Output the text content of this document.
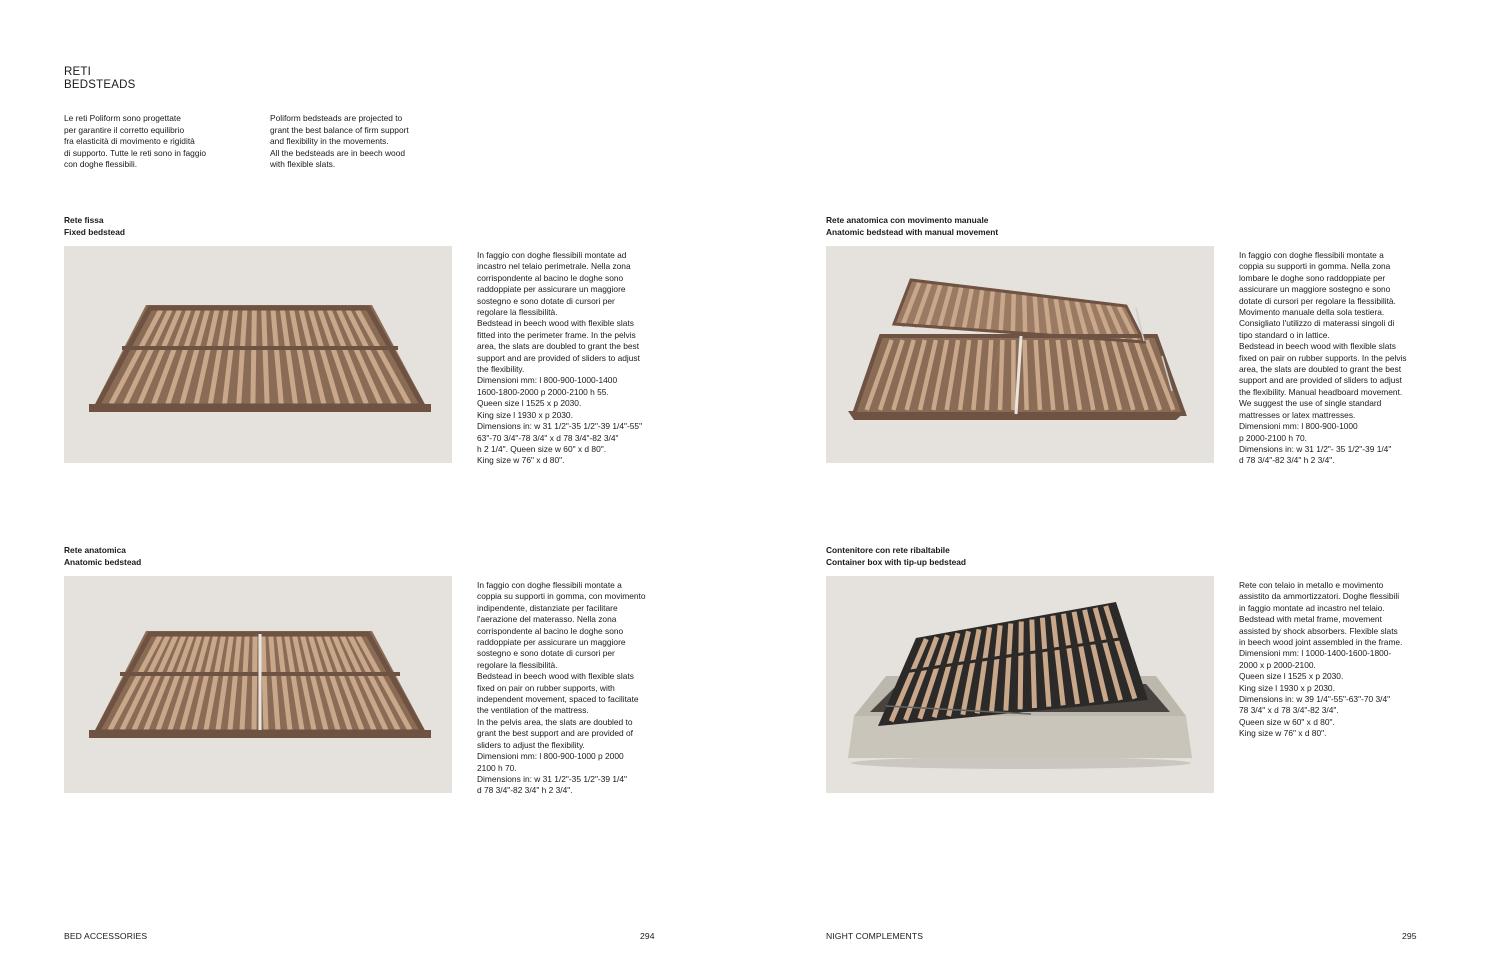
RETI
BEDSTEADS
Le reti Poliform sono progettate
per garantire il corretto equilibrio
fra elasticità di movimento e rigidità
di supporto. Tutte le reti sono in faggio
con doghe flessibili.
Poliform bedsteads are projected to
grant the best balance of firm support
and flexibility in the movements.
All the bedsteads are in beech wood
with flexible slats.
Rete fissa
Fixed bedstead
In faggio con doghe flessibili montate ad
incastro nel telaio perimetrale. Nella zona
corrispondente al bacino le doghe sono
raddoppiate per assicurare un maggiore
sostegno e sono dotate di cursori per
regolare la flessibilità.
Bedstead in beech wood with flexible slats
fitted into the perimeter frame. In the pelvis
area, the slats are doubled to grant the best
support and are provided of sliders to adjust
the flexibility.
Dimensioni mm: l 800-900-1000-1400
1600-1800-2000 p 2000-2100 h 55.
Queen size l 1525 x p 2030.
King size l 1930 x p 2030.
Dimensions in: w 31 1/2"-35 1/2"-39 1/4"-55"
63"-70 3/4"-78 3/4" x d 78 3/4"-82 3/4"
h 2 1/4". Queen size w 60" x d 80".
King size w 76" x d 80".
Rete anatomica
Anatomic bedstead
In faggio con doghe flessibili montate a
coppia su supporti in gomma, con movimento
indipendente, distanziate per facilitare
l'aerazione del materasso. Nella zona
corrispondente al bacino le doghe sono
raddoppiate per assicurare un maggiore
sostegno e sono dotate di cursori per
regolare la flessibilità.
Bedstead in beech wood with flexible slats
fixed on pair on rubber supports, with
independent movement, spaced to facilitate
the ventilation of the mattress.
In the pelvis area, the slats are doubled to
grant the best support and are provided of
sliders to adjust the flexibility.
Dimensioni mm: l 800-900-1000 p 2000
2100 h 70.
Dimensions in: w 31 1/2"-35 1/2"-39 1/4"
d 78 3/4"-82 3/4" h 2 3/4".
BED ACCESSORIES	294
Rete anatomica con movimento manuale
Anatomic bedstead with manual movement
In faggio con doghe flessibili montate a
coppia su supporti in gomma. Nella zona
lombare le doghe sono raddoppiate per
assicurare un maggiore sostegno e sono
dotate di cursori per regolare la flessibilità.
Movimento manuale della sola testiera.
Consigliato l'utilizzo di materassi singoli di
tipo standard o in lattice.
Bedstead in beech wood with flexible slats
fixed on pair on rubber supports. In the pelvis
area, the slats are doubled to grant the best
support and are provided of sliders to adjust
the flexibility. Manual headboard movement.
We suggest the use of single standard
mattresses or latex mattresses.
Dimensioni mm: l 800-900-1000
p 2000-2100 h 70.
Dimensions in: w 31 1/2"- 35 1/2"-39 1/4"
d 78 3/4"-82 3/4" h 2 3/4".
Contenitore con rete ribaltabile
Container box with tip-up bedstead
Rete con telaio in metallo e movimento
assistito da ammortizzatori. Doghe flessibili
in faggio montate ad incastro nel telaio.
Bedstead with metal frame, movement
assisted by shock absorbers. Flexible slats
in beech wood joint assembled in the frame.
Dimensioni mm: l 1000-1400-1600-1800-
2000 x p 2000-2100.
Queen size l 1525 x p 2030.
King size l 1930 x p 2030.
Dimensions in: w 39 1/4"-55"-63"-70 3/4"
78 3/4" x d 78 3/4"-82 3/4".
Queen size w 60" x d 80".
King size w 76" x d 80".
NIGHT COMPLEMENTS	295
